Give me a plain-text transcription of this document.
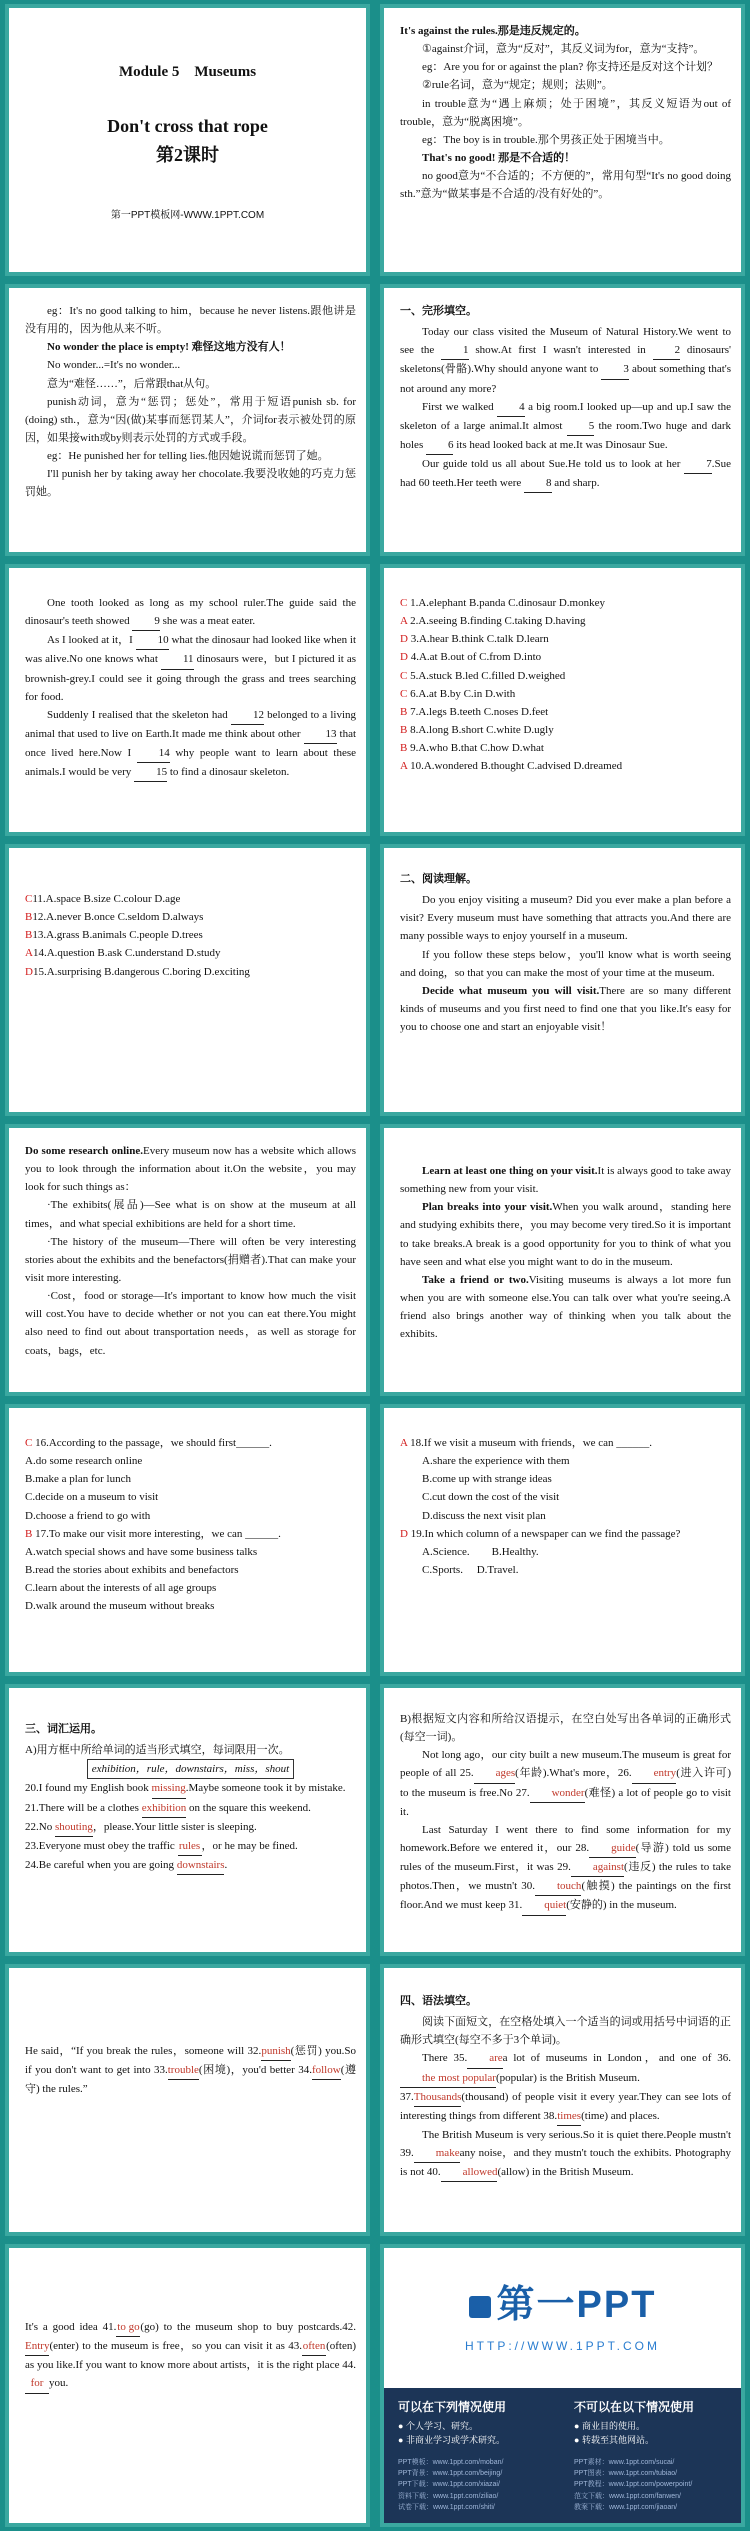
Module 5　Museums
Don't cross that rope
第2课时
第一PPT模板网-WWW.1PPT.COM

It's against the rules.那是违反规定的。

①against介词，意为“反对”，其反义词为for，意为“支持”。

eg：Are you for or against the plan? 你支持还是反对这个计划？

②rule名词，意为“规定；规则；法则”。

in trouble意为“遇上麻烦；处于困境”，其反义短语为out of trouble，意为“脱离困境”。

eg：The boy is in trouble.那个男孩正处于困境当中。

That's no good! 那是不合适的！

no good意为“不合适的；不方便的”，常用句型“It's no good doing sth.”意为“做某事是不合适的/没有好处的”。

eg：It's no good talking to him，because he never listens.跟他讲是没有用的，因为他从来不听。

No wonder the place is empty! 难怪这地方没有人！

No wonder...=It's no wonder...

意为“难怪……”，后常跟that从句。

punish动词，意为“惩罚；惩处”，常用于短语punish sb. for (doing) sth.，意为“因(做)某事而惩罚某人”，介词for表示被处罚的原因，如果接with或by则表示处罚的方式或手段。

eg：He punished her for telling lies.他因她说谎而惩罚了她。

I'll punish her by taking away her chocolate.我要没收她的巧克力惩罚她。

一、完形填空。

Today our class visited the Museum of Natural History.We went to see the	1 show.At first I wasn't interested in	2 dinosaurs' skeletons(骨骼).Why should anyone want to 3 about something that's not around any more?

First we walked 4 a big room.I looked up—up and up.I saw the skeleton of a large animal.It almost 5 the room.Two huge and dark holes 6 its head looked back at me.It was Dinosaur Sue.

Our guide told us all about Sue.He told us to look at her 7.Sue had 60 teeth.Her teeth were 8 and sharp.

One tooth looked as long as my school ruler.The guide said the dinosaur's teeth showed 9 she was a meat eater.

As I looked at it，I 10 what the dinosaur had looked like when it was alive.No one knows what 11 dinosaurs were，but I pictured it as brownish-grey.I could see it going through the grass and trees searching for food.

Suddenly I realised that the skeleton had 12 belonged to a living animal that used to live on Earth.It made me think about other 13 that once lived here.Now I	14 why people want to learn about these animals.I would be very 15 to find a dinosaur skeleton.

C 1.A.elephant B.panda C.dinosaur D.monkey

A 2.A.seeing B.finding C.taking D.having

D 3.A.hear B.think C.talk D.learn

D 4.A.at B.out of C.from D.into

C 5.A.stuck B.led C.filled D.weighed

C 6.A.at B.by C.in D.with

B 7.A.legs B.teeth C.noses D.feet

B 8.A.long B.short C.white D.ugly

B 9.A.who B.that C.how D.what

A 10.A.wondered B.thought C.advised D.dreamed

C11.A.space B.size C.colour D.age

B12.A.never B.once C.seldom D.always

B13.A.grass B.animals C.people D.trees

A14.A.question B.ask C.understand D.study

D15.A.surprising B.dangerous C.boring D.exciting

二、阅读理解。

Do you enjoy visiting a museum? Did you ever make a plan before a visit? Every museum must have something that attracts you.And there are many possible ways to enjoy yourself in a museum.

If you follow these steps below，you'll know what is worth seeing and doing，so that you can make the most of your time at the museum.

Decide what museum you will visit.There are so many different kinds of museums and you first need to find one that you like.It's easy for you to choose one and start an enjoyable visit！

Do some research online.Every museum now has a website which allows you to look through the information about it.On the website，you may look for such things as：

·The exhibits(展品)—See what is on show at the museum at all times，and what special exhibitions are held for a short time.

·The history of the museum—There will often be very interesting stories about the exhibits and the benefactors(捐赠者).That can make your visit more interesting.

·Cost，food or storage—It's important to know how much the visit will cost.You have to decide whether or not you can eat there.You might also need to find out about transportation needs，as well as storage for coats，bags，etc.

Learn at least one thing on your visit.It is always good to take away something new from your visit.

Plan breaks into your visit.When you walk around，standing here and studying exhibits there，you may become very tired.So it is important to take breaks.A break is a good opportunity for you to think of what you have seen and what else you might want to do in the museum.

Take a friend or two.Visiting museums is always a lot more fun when you are with someone else.You can talk over what you're seeing.A friend also brings another way of thinking when you talk about the exhibits.

C 16.According to the passage，we should first______.

A.do some research online

B.make a plan for lunch

C.decide on a museum to visit

D.choose a friend to go with

B 17.To make our visit more interesting，we can ______.

A.watch special shows and have some business talks

B.read the stories about exhibits and benefactors

C.learn about the interests of all age groups

D.walk around the museum without breaks

A 18.If we visit a museum with friends，we can ______.

A.share the experience with them

B.come up with strange ideas

C.cut down the cost of the visit

D.discuss the next visit plan

D 19.In which column of a newspaper can we find the passage?

A.Science. B.Healthy.

C.Sports. D.Travel.

三、词汇运用。

A)用方框中所给单词的适当形式填空，每词限用一次。

exhibition，rule，downstairs，miss，shout

20.I found my English book missing.Maybe someone took it by mistake.

21.There will be a clothes exhibition on the square this weekend.

22.No shouting，please.Your little sister is sleeping.

23.Everyone must obey the traffic rules，or he may be fined.

24.Be careful when you are going downstairs.

B)根据短文内容和所给汉语提示，在空白处写出各单词的正确形式(每空一词)。

Not long ago，our city built a new museum.The museum is great for people of all 25. ages(年龄).What's more，26. entry(进入许可) to the museum is free.No 27. wonder(难怪) a lot of people go to visit it.

Last Saturday I went there to find some information for my homework.Before we entered it，our 28. guide(导游) told us some rules of the museum.First，it was 29. against(违反) the rules to take photos.Then，we mustn't 30. touch(触摸) the paintings on the first floor.And we must keep 31. quiet(安静的) in the museum.

He said，“If you break the rules，someone will 32.punish(惩罚) you.So if you don't want to get into 33.trouble(困境)，you'd better 34.follow(遵守) the rules.”

四、语法填空。

阅读下面短文，在空格处填入一个适当的词或用括号中词语的正确形式填空(每空不多于3个单词)。

There 35. area lot of museums in London，and one of 36.the most popular(popular) is the British Museum.

37.Thousands(thousand) of people visit it every year.They can see lots of interesting things from different 38.times(time) and places.

The British Museum is very serious.So it is quiet there.People mustn't 39. makeany noise，and they mustn't touch the exhibits. Photography is not 40. allowed(allow) in the British Museum.

It's a good idea 41.to go(go) to the museum shop to buy postcards.42.Entry(enter) to the museum is free，so you can visit it as 43.often(often) as you like.If you want to know more about artists，it is the right place 44.for you.

第一PPT
HTTP://WWW.1PPT.COM
可以在下列情况使用
● 个人学习、研究。
● 非商业学习或学术研究。
PPT模板：www.1ppt.com/moban/
PPT背景：www.1ppt.com/beijing/
PPT下载：www.1ppt.com/xiazai/
资料下载：www.1ppt.com/ziliao/
试卷下载：www.1ppt.com/shiti/
不可以在以下情况使用
● 商业目的使用。
● 转载至其他网站。
PPT素材：www.1ppt.com/sucai/
PPT图表：www.1ppt.com/tubiao/
PPT教程：www.1ppt.com/powerpoint/
范文下载：www.1ppt.com/fanwen/
教案下载：www.1ppt.com/jiaoan/
